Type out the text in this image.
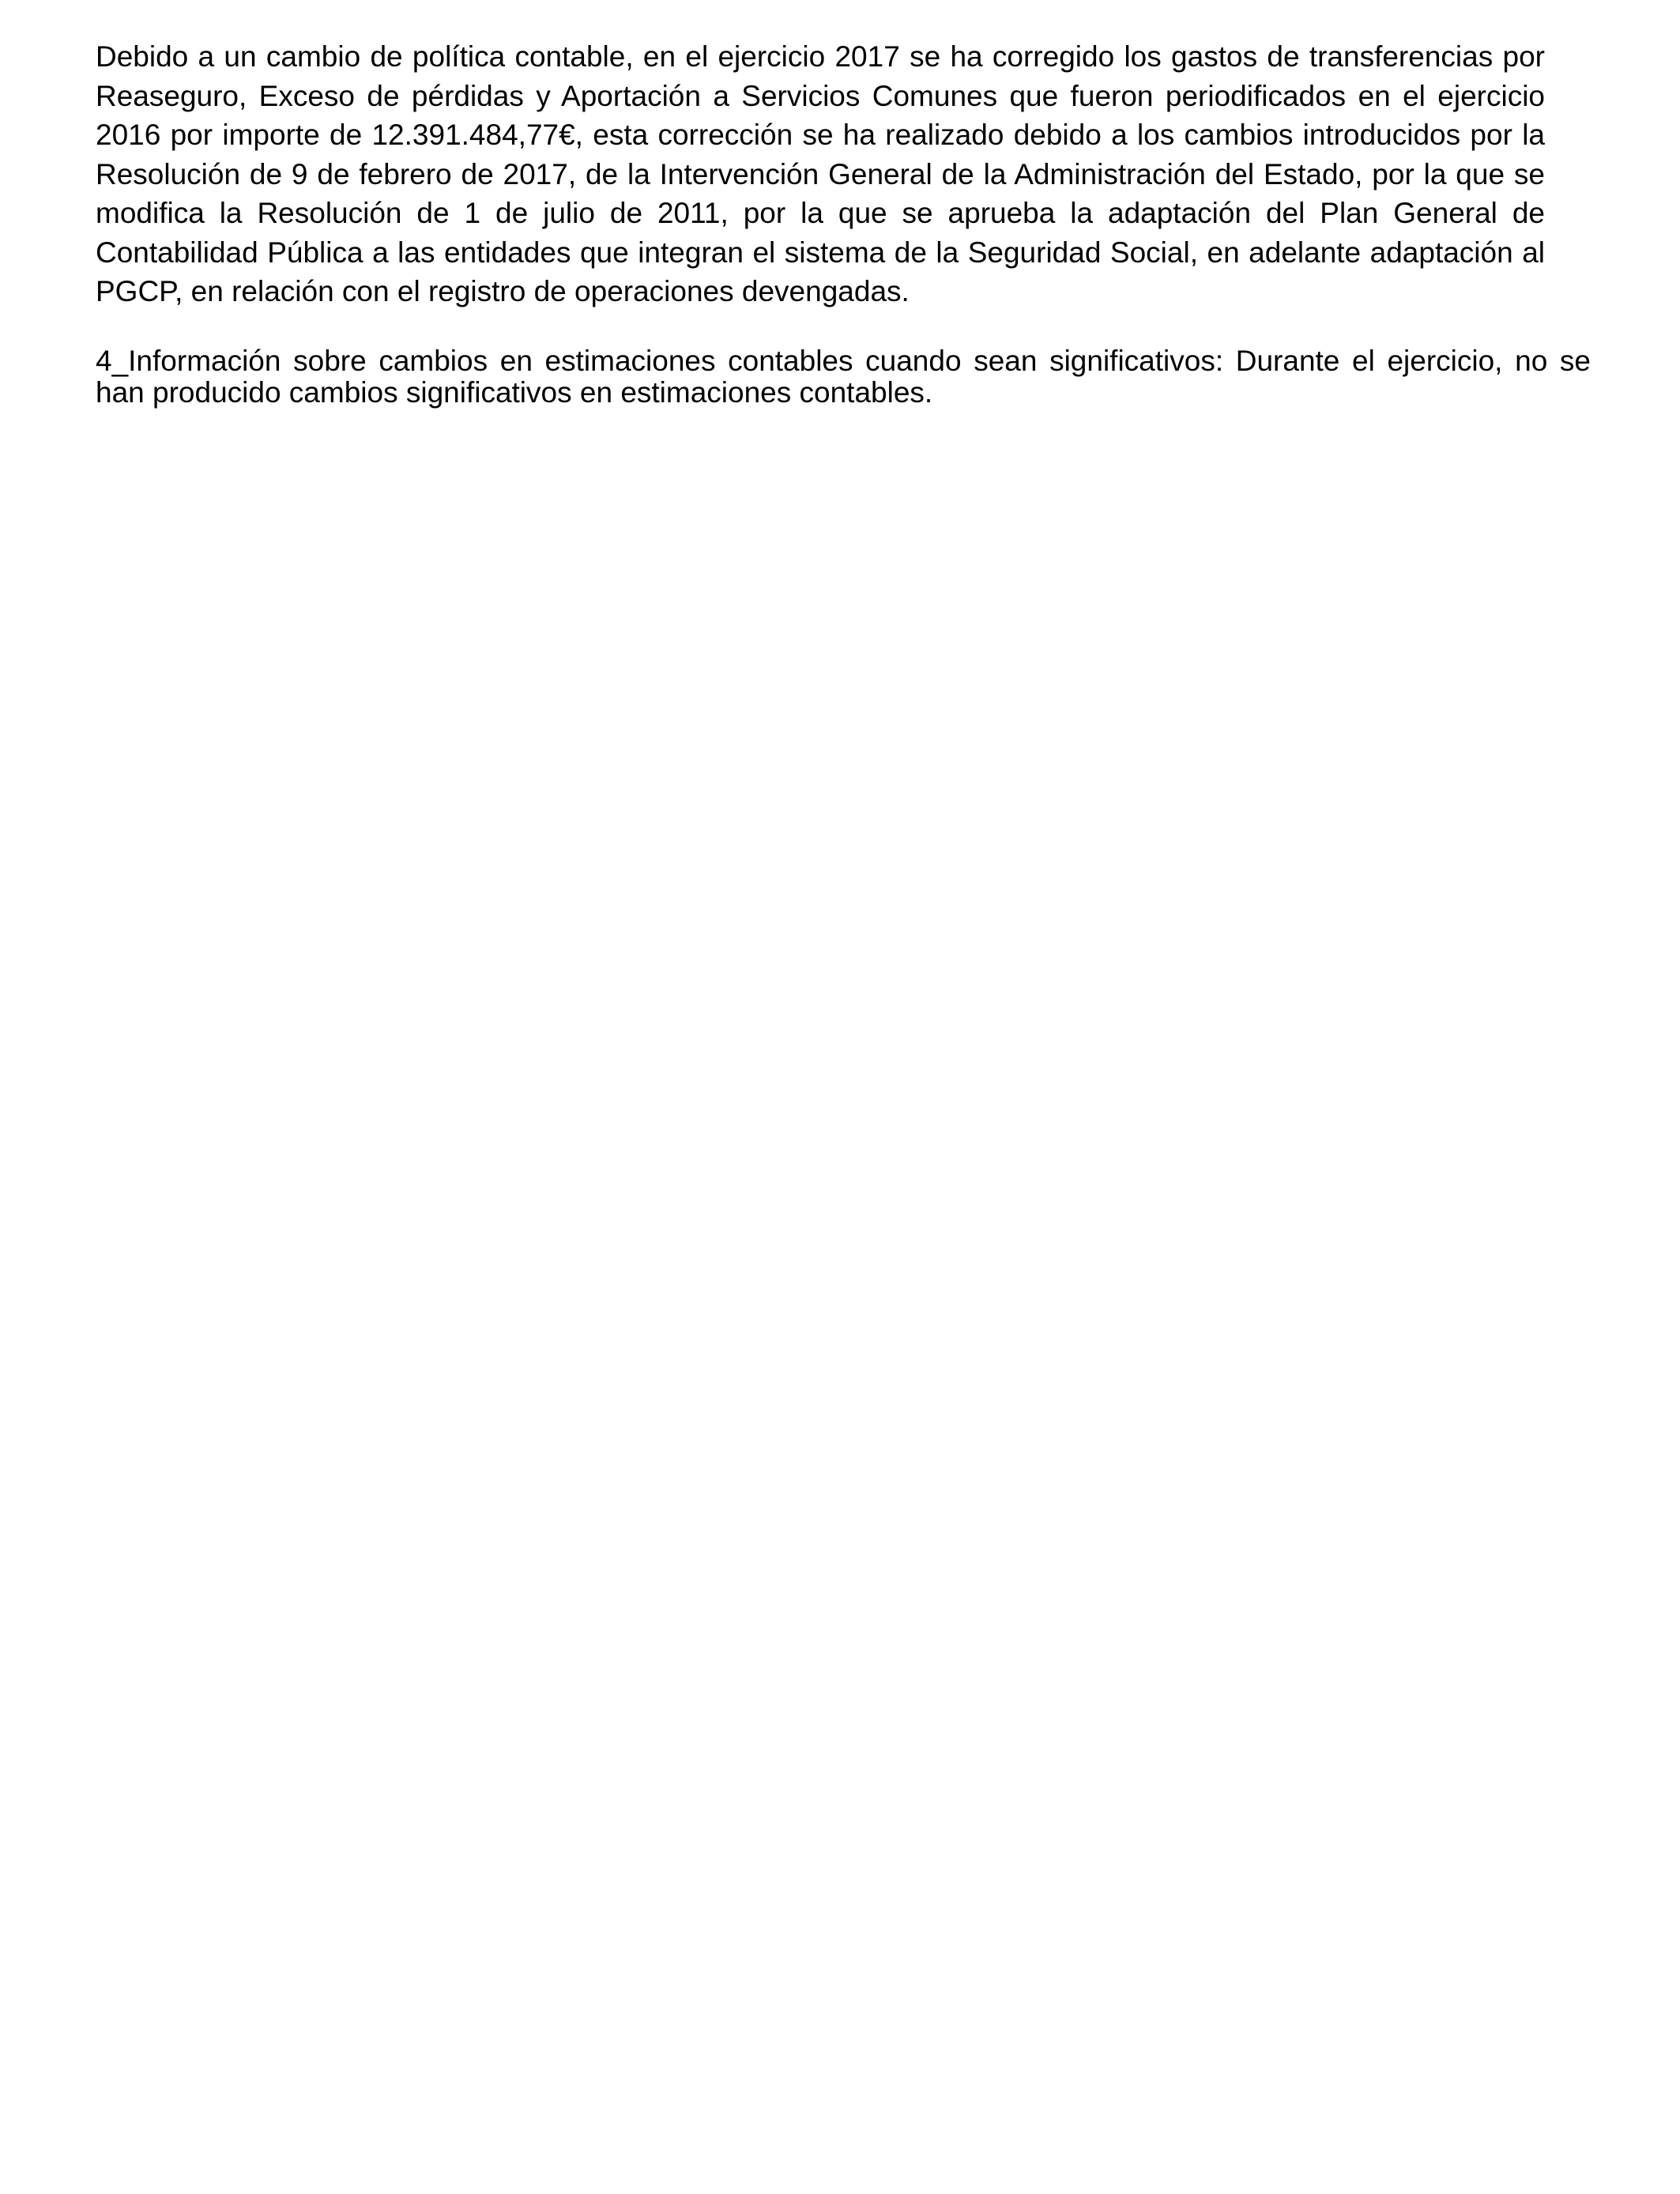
Debido a un cambio de política contable, en el ejercicio 2017 se ha corregido los gastos de transferencias por Reaseguro, Exceso de pérdidas y Aportación a Servicios Comunes que fueron periodificados en el ejercicio 2016 por importe de 12.391.484,77€, esta corrección se ha realizado debido a los cambios introducidos por la Resolución de 9 de febrero de 2017, de la Intervención General de la Administración del Estado, por la que se modifica la Resolución de 1 de julio de 2011, por la que se aprueba la adaptación del Plan General de Contabilidad Pública a las entidades que integran el sistema de la Seguridad Social, en adelante adaptación al PGCP, en relación con el registro de operaciones devengadas.

4_Información sobre cambios en estimaciones contables cuando sean significativos: Durante el ejercicio, no se han producido cambios significativos en estimaciones contables.
